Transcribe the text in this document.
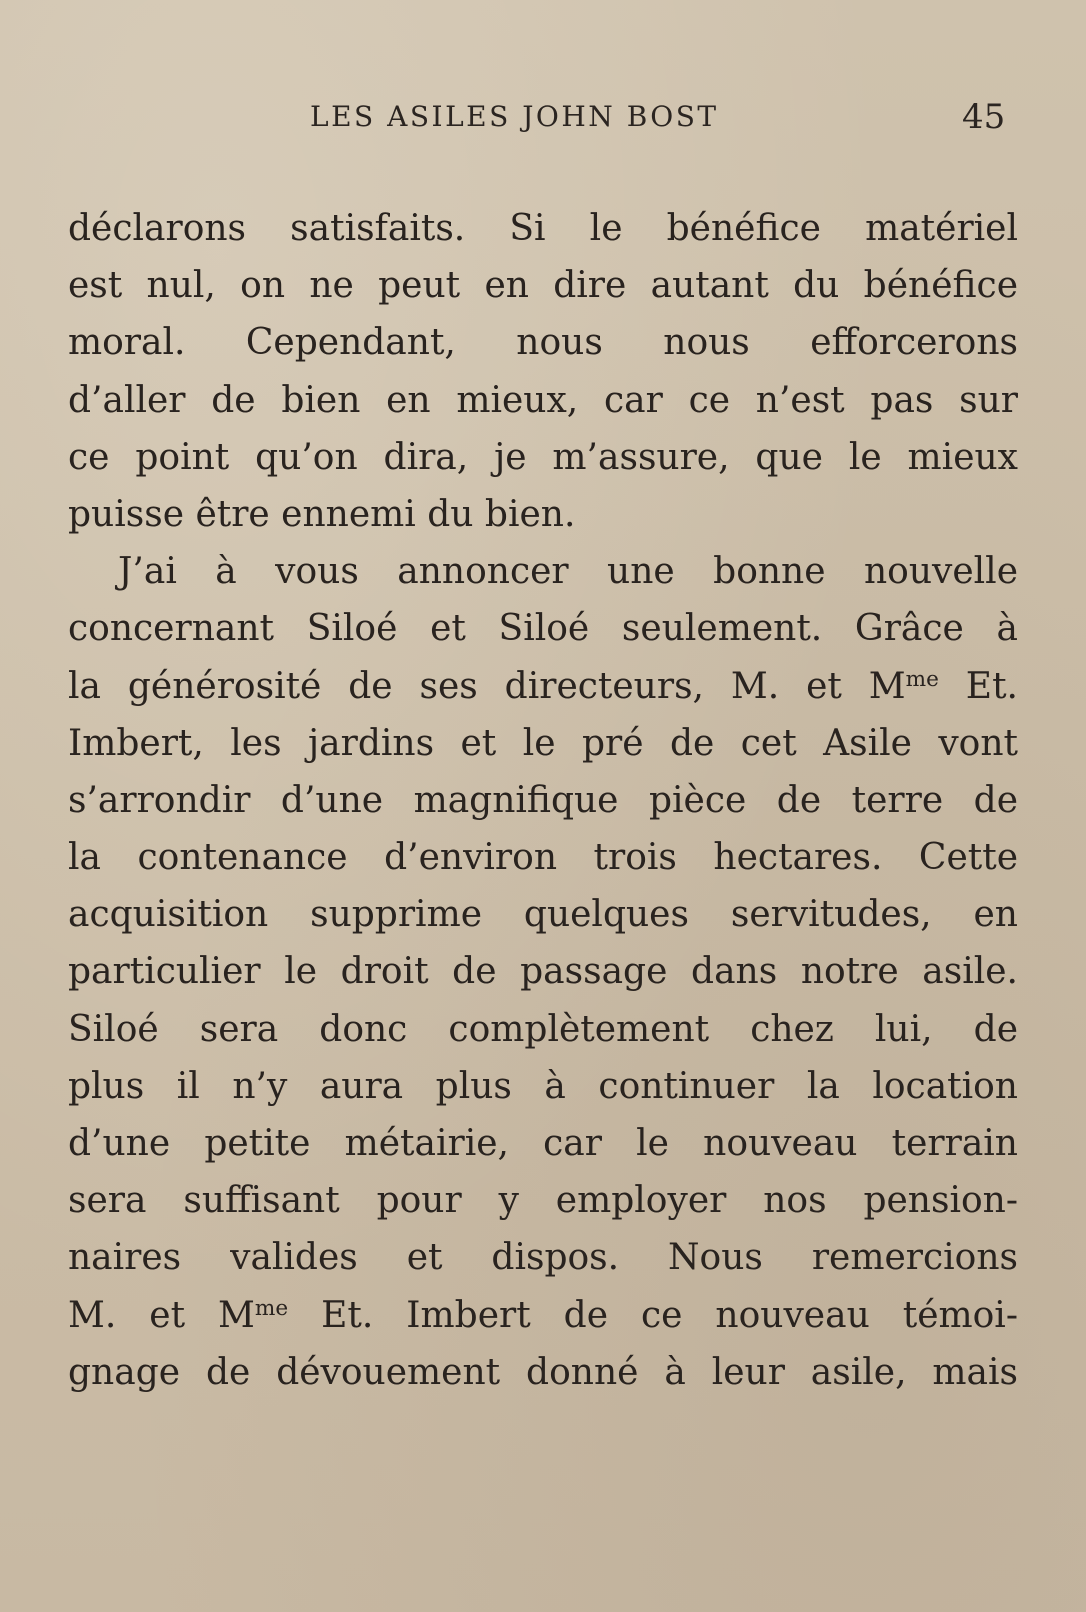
LES ASILES JOHN BOST	45
déclarons satisfaits. Si le bénéfice matériel
est nul, on ne peut en dire autant du bénéfice
moral. Cependant, nous nous efforcerons
d’aller de bien en mieux, car ce n’est pas sur
ce point qu’on dira, je m’assure, que le mieux
puisse être ennemi du bien.
J’ai à vous annoncer une bonne nouvelle
concernant Siloé et Siloé seulement. Grâce à
la générosité de ses directeurs, M. et $M^{me}$ Et.
Imbert, les jardins et le pré de cet Asile vont
s’arrondir d’une magnifique pièce de terre de
la contenance d’environ trois hectares. Cette
acquisition supprime quelques servitudes, en
particulier le droit de passage dans notre asile.
Siloé sera donc complètement chez lui, de
plus il n’y aura plus à continuer la location
d’une petite métairie, car le nouveau terrain
sera suffisant pour y employer nos pension-
naires valides et dispos. Nous remercions
M. et $M^{me}$ Et. Imbert de ce nouveau témoi-
gnage de dévouement donné à leur asile, mais
